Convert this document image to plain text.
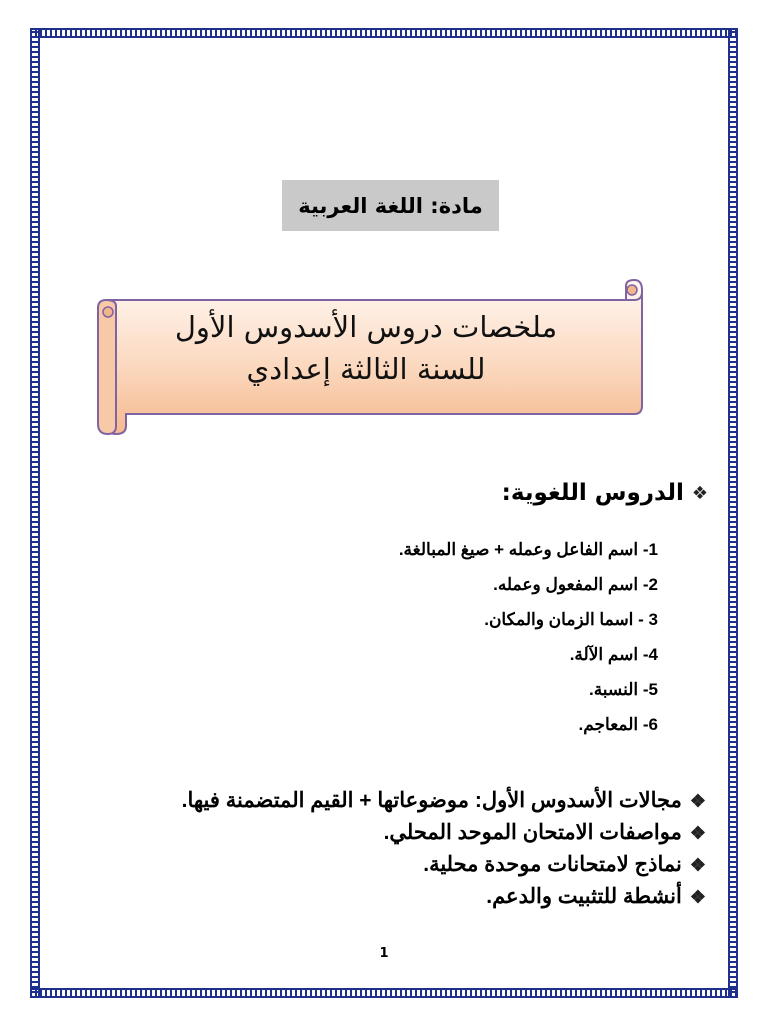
مادة: اللغة العربية
ملخصات دروس الأسدوس الأول
للسنة الثالثة إعدادي
❖
الدروس اللغوية:
1- اسم الفاعل وعمله + صيغ المبالغة.
2- اسم المفعول وعمله.
3 - اسما الزمان والمكان.
4- اسم الآلة.
5- النسبة.
6- المعاجم.
❖
مجالات الأسدوس الأول: موضوعاتها + القيم المتضمنة فيها.
❖
مواصفات الامتحان الموحد المحلي.
❖
نماذج لامتحانات موحدة محلية.
❖
أنشطة للتثبيت والدعم.
1
